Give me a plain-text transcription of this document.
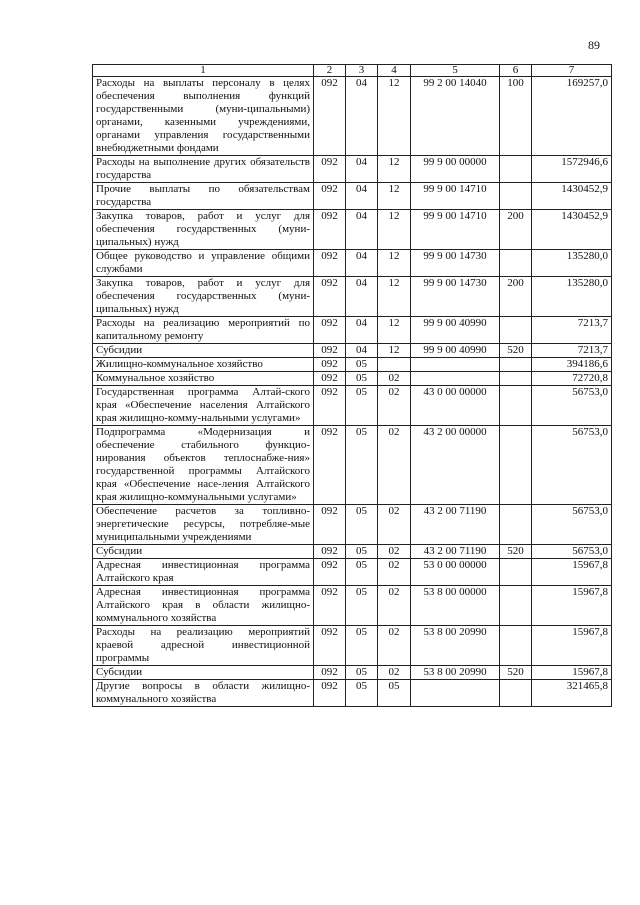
89
1	2	3	4	5	6	7
Расходы на выплаты персоналу в целях обеспечения выполнения функций государственными (муни-ципальными) органами, казенными учреждениями, органами управления государственными внебюджетными фондами	092	04	12	99 2 00 14040	100	169257,0
Расходы на выполнение других обязательств государства	092	04	12	99 9 00 00000		1572946,6
Прочие выплаты по обязательствам государства	092	04	12	99 9 00 14710		1430452,9
Закупка товаров, работ и услуг для обеспечения государственных (муни-ципальных) нужд	092	04	12	99 9 00 14710	200	1430452,9
Общее руководство и управление общими службами	092	04	12	99 9 00 14730		135280,0
Закупка товаров, работ и услуг для обеспечения государственных (муни-ципальных) нужд	092	04	12	99 9 00 14730	200	135280,0
Расходы на реализацию мероприятий по капитальному ремонту	092	04	12	99 9 00 40990		7213,7
Субсидии	092	04	12	99 9 00 40990	520	7213,7
Жилищно-коммунальное хозяйство	092	05				394186,6
Коммунальное хозяйство	092	05	02			72720,8
Государственная программа Алтай-ского края «Обеспечение населения Алтайского края жилищно-комму-нальными услугами»	092	05	02	43 0 00 00000		56753,0
Подпрограмма «Модернизация и обеспечение стабильного функцио-нирования объектов теплоснабже-ния» государственной программы Алтайского края «Обеспечение насе-ления Алтайского края жилищно-коммунальными услугами»	092	05	02	43 2 00 00000		56753,0
Обеспечение расчетов за топливно-энергетические ресурсы, потребляе-мые муниципальными учреждениями	092	05	02	43 2 00 71190		56753,0
Субсидии	092	05	02	43 2 00 71190	520	56753,0
Адресная инвестиционная программа Алтайского края	092	05	02	53 0 00 00000		15967,8
Адресная инвестиционная программа Алтайского края в области жилищно-коммунального хозяйства	092	05	02	53 8 00 00000		15967,8
Расходы на реализацию мероприятий краевой адресной инвестиционной программы	092	05	02	53 8 00 20990		15967,8
Субсидии	092	05	02	53 8 00 20990	520	15967,8
Другие вопросы в области жилищно-коммунального хозяйства	092	05	05			321465,8
